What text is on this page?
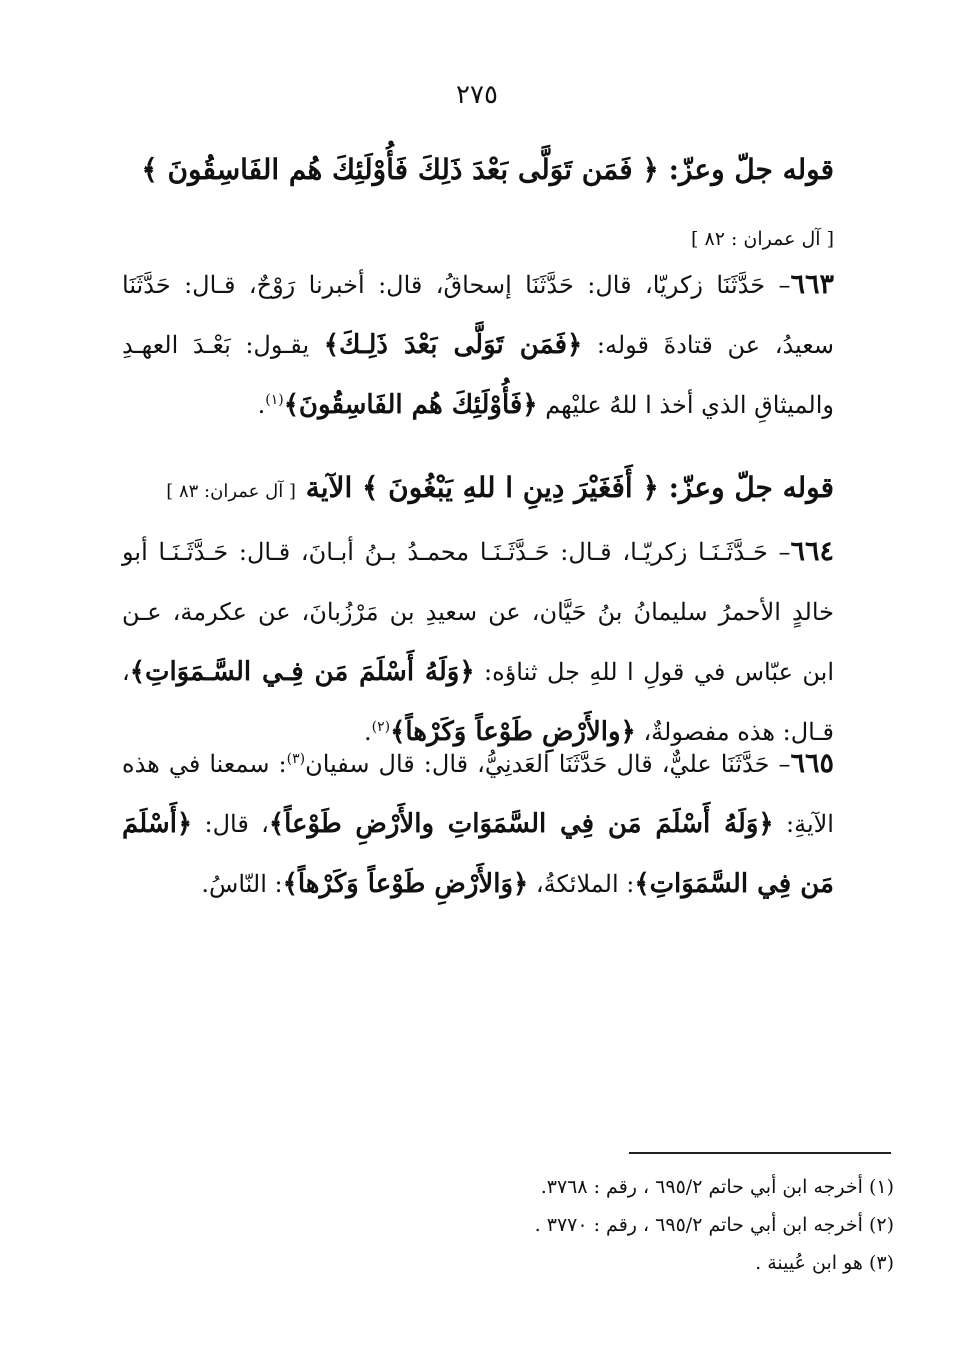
٢٧٥
قوله جلّ وعزّ: ﴿ فَمَن تَوَلَّى بَعْدَ ذَلِكَ فَأُوْلَئِكَ هُم الفَاسِقُونَ ﴾
[ آل عمران : ٨٢ ]
٦٦٣– حَدَّثَنَا زكريّا، قال: حَدَّثَنَا إسحاقُ، قال: أخبرنا رَوْحٌ، قـال: حَدَّثَنَا سعيدُ، عن قتادةَ قوله: ﴿فَمَن تَوَلَّى بَعْدَ ذَلِـكَ﴾ يقـول: بَعْـدَ العهـدِ والميثاقِ الذي أخذ ا للهُ عليْهم ﴿فَأُوْلَئِكَ هُم الفَاسِقُونَ﴾$^{(١)}$.
قوله جلّ وعزّ: ﴿ أَفَغَيْرَ دِينِ ا للهِ يَبْغُونَ ﴾ الآية [ آل عمران: ٨٣ ]
٦٦٤– حَـدَّثَـنَـا زكريّـا، قـال: حَـدَّثَـنَـا محمـدُ بـنُ أبـانَ، قـال: حَـدَّثَـنَـا أبو خالدٍ الأحمرُ سليمانُ بنُ حَيَّان، عن سعيدِ بن مَرْزُبانَ، عن عكرمة، عـن ابن عبّاس في قولِ ا للهِ جل ثناؤه: ﴿وَلَهُ أَسْلَمَ مَن فِـي السَّـمَوَاتِ﴾، قـال: هذه مفصولةٌ، ﴿والأَرْضِ طَوْعاً وَكَرْهاً﴾$^{(٢)}$.
٦٦٥– حَدَّثَنَا عليٌّ، قال حَدَّثَنَا العَدنِيُّ، قال: قال سفيان$^{(٣)}$: سمعنا في هذه الآيةِ: ﴿وَلَهُ أَسْلَمَ مَن فِي السَّمَوَاتِ والأَرْضِ طَوْعاً﴾، قال: ﴿أَسْلَمَ مَن فِي السَّمَوَاتِ﴾: الملائكةُ، ﴿وَالأَرْضِ طَوْعاً وَكَرْهاً﴾: النّاسُ.
(١) أخرجه ابن أبي حاتم ٦٩٥/٢ ، رقم : ٣٧٦٨.
(٢) أخرجه ابن أبي حاتم ٦٩٥/٢ ، رقم : ٣٧٧٠ .
(٣) هو ابن عُيينة .
